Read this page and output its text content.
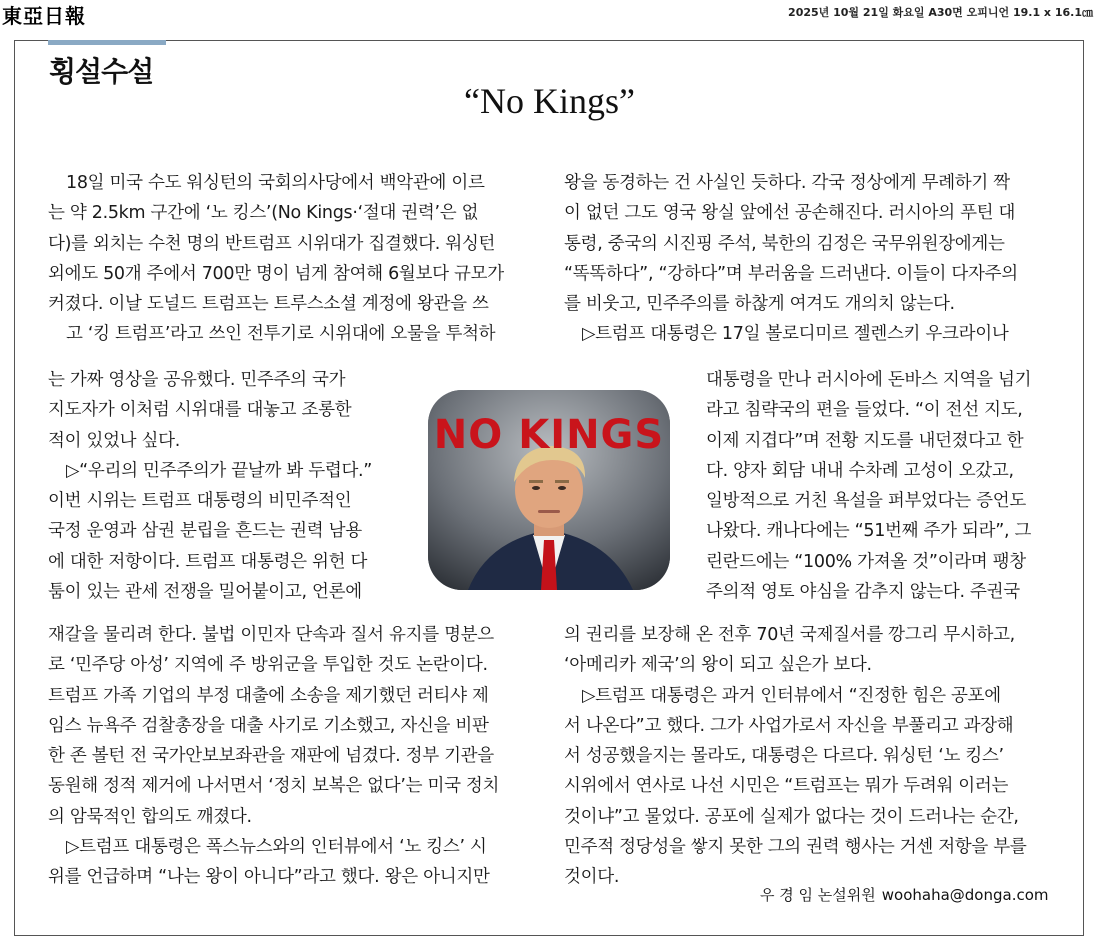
東亞日報	2025년 10월 21일 화요일 A30면 오피니언 19.1 x 16.1㎝
횡설수설
“No Kings”
18일 미국 수도 워싱턴의 국회의사당에서 백악관에 이르
는 약 2.5km 구간에 ‘노 킹스’(No Kings·‘절대 권력’은 없
다)를 외치는 수천 명의 반트럼프 시위대가 집결했다. 워싱턴
외에도 50개 주에서 700만 명이 넘게 참여해 6월보다 규모가
커졌다. 이날 도널드 트럼프는 트루스소셜 계정에 왕관을 쓰
고 ‘킹 트럼프’라고 쓰인 전투기로 시위대에 오물을 투척하
는 가짜 영상을 공유했다. 민주주의 국가
지도자가 이처럼 시위대를 대놓고 조롱한
적이 있었나 싶다.
▷“우리의 민주주의가 끝날까 봐 두렵다.”
이번 시위는 트럼프 대통령의 비민주적인
국정 운영과 삼권 분립을 흔드는 권력 남용
에 대한 저항이다. 트럼프 대통령은 위헌 다
툼이 있는 관세 전쟁을 밀어붙이고, 언론에
재갈을 물리려 한다. 불법 이민자 단속과 질서 유지를 명분으
로 ‘민주당 아성’ 지역에 주 방위군을 투입한 것도 논란이다.
트럼프 가족 기업의 부정 대출에 소송을 제기했던 러티샤 제
임스 뉴욕주 검찰총장을 대출 사기로 기소했고, 자신을 비판
한 존 볼턴 전 국가안보보좌관을 재판에 넘겼다. 정부 기관을
동원해 정적 제거에 나서면서 ‘정치 보복은 없다’는 미국 정치
의 암묵적인 합의도 깨졌다.
▷트럼프 대통령은 폭스뉴스와의 인터뷰에서 ‘노 킹스’ 시
위를 언급하며 “나는 왕이 아니다”라고 했다. 왕은 아니지만
NO KINGS
왕을 동경하는 건 사실인 듯하다. 각국 정상에게 무례하기 짝
이 없던 그도 영국 왕실 앞에선 공손해진다. 러시아의 푸틴 대
통령, 중국의 시진핑 주석, 북한의 김정은 국무위원장에게는
“똑똑하다”, “강하다”며 부러움을 드러낸다. 이들이 다자주의
를 비웃고, 민주주의를 하찮게 여겨도 개의치 않는다.
▷트럼프 대통령은 17일 볼로디미르 젤렌스키 우크라이나
대통령을 만나 러시아에 돈바스 지역을 넘기
라고 침략국의 편을 들었다. “이 전선 지도,
이제 지겹다”며 전황 지도를 내던졌다고 한
다. 양자 회담 내내 수차례 고성이 오갔고,
일방적으로 거친 욕설을 퍼부었다는 증언도
나왔다. 캐나다에는 “51번째 주가 되라”, 그
린란드에는 “100% 가져올 것”이라며 팽창
주의적 영토 야심을 감추지 않는다. 주권국
의 권리를 보장해 온 전후 70년 국제질서를 깡그리 무시하고,
‘아메리카 제국’의 왕이 되고 싶은가 보다.
▷트럼프 대통령은 과거 인터뷰에서 “진정한 힘은 공포에
서 나온다”고 했다. 그가 사업가로서 자신을 부풀리고 과장해
서 성공했을지는 몰라도, 대통령은 다르다. 워싱턴 ‘노 킹스’
시위에서 연사로 나선 시민은 “트럼프는 뭐가 두려워 이러는
것이냐”고 물었다. 공포에 실제가 없다는 것이 드러나는 순간,
민주적 정당성을 쌓지 못한 그의 권력 행사는 거센 저항을 부를
것이다.
우 경 임 논설위원 woohaha@donga.com
